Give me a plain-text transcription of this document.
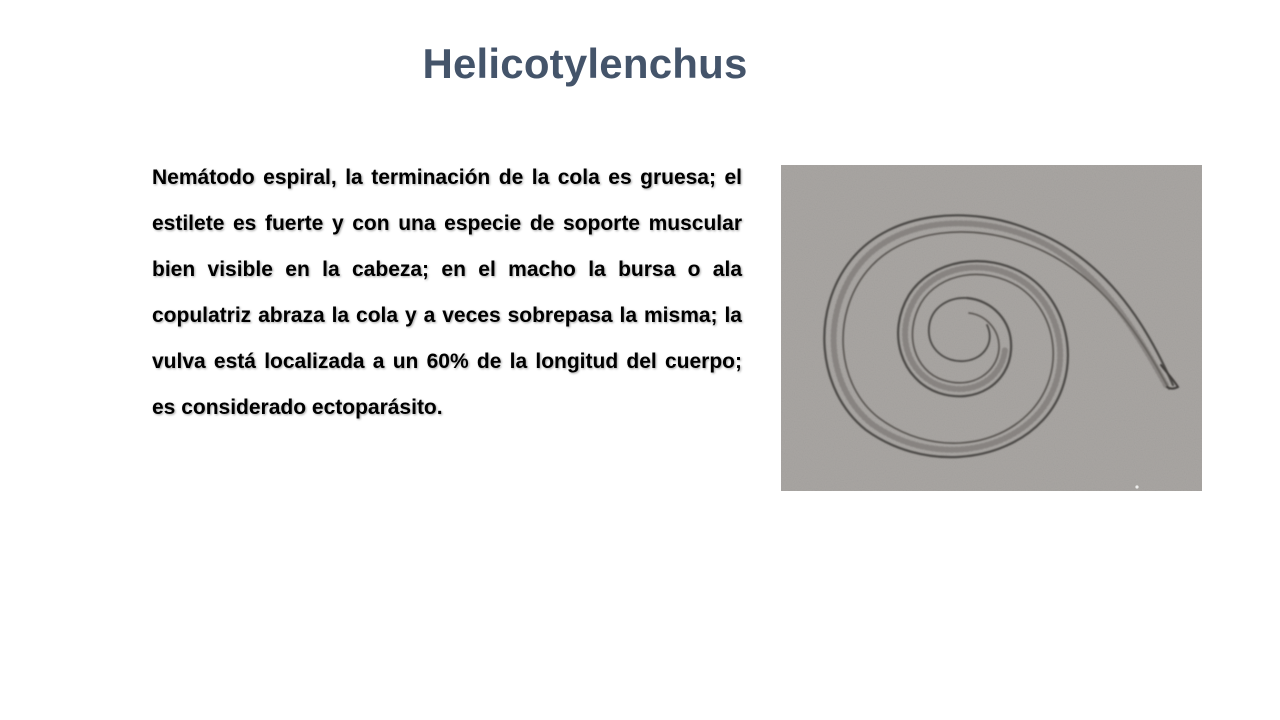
Helicotylenchus

Nemátodo espiral, la terminación de la cola es gruesa; el estilete es fuerte y con una especie de soporte muscular bien visible en la cabeza; en el macho la bursa o ala copulatriz abraza la cola y a veces sobrepasa la misma; la vulva está localizada a un 60% de la longitud del cuerpo; es considerado ectoparásito.
